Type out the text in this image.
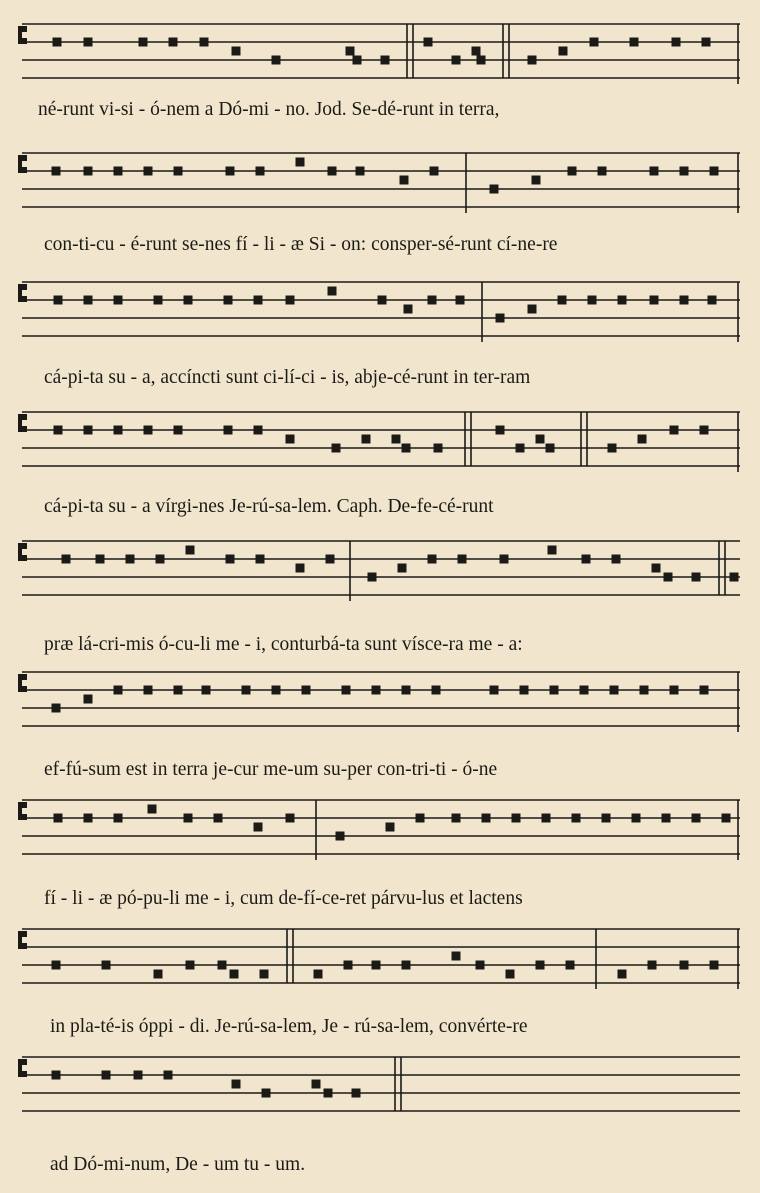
né-runt vi-si - ó-nem a Dó-mi - no. Jod. Se-dé-runt in terra,
con-ti-cu - é-runt se-nes fí - li - æ Si - on: consper-sé-runt cí-ne-re
cá-pi-ta su - a, accíncti sunt ci-lí-ci - is, abje-cé-runt in ter-ram
cá-pi-ta su - a vírgi-nes Je-rú-sa-lem. Caph. De-fe-cé-runt
præ lá-cri-mis ó-cu-li me - i, conturbá-ta sunt vísce-ra me - a:
ef-fú-sum est in terra je-cur me-um su-per con-tri-ti - ó-ne
fí - li - æ pó-pu-li me - i, cum de-fí-ce-ret párvu-lus et lactens
in pla-té-is óppi - di. Je-rú-sa-lem, Je - rú-sa-lem, convérte-re
ad Dó-mi-num, De - um tu - um.
